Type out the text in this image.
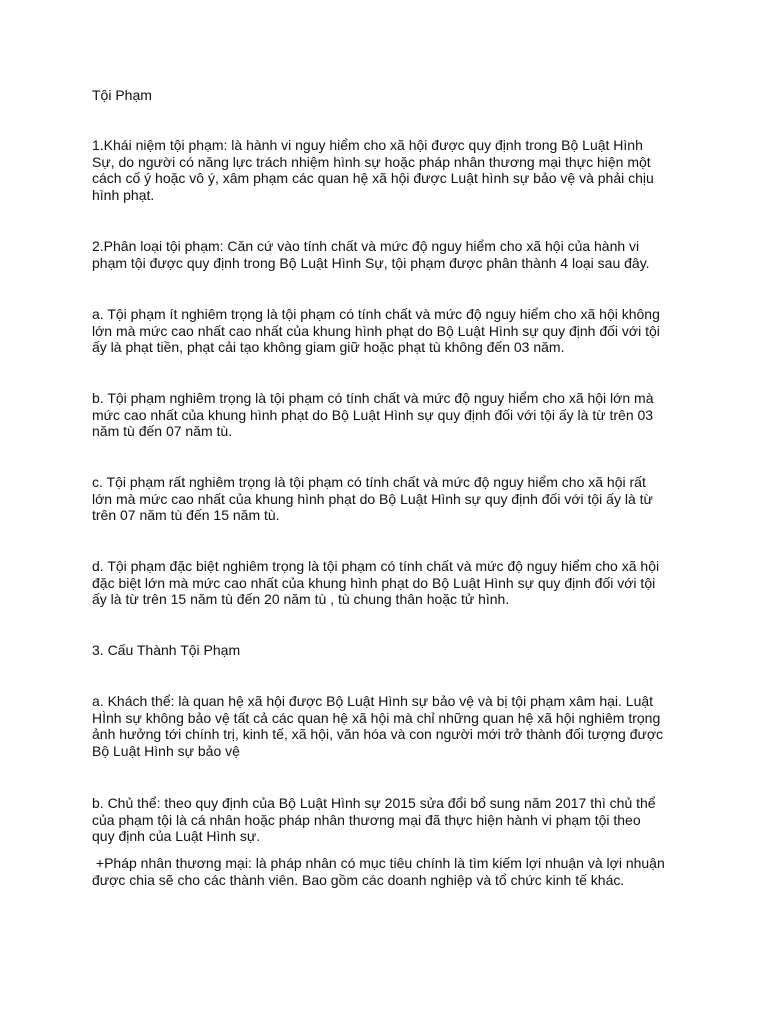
Tội Phạm

1.Khái niệm tội phạm: là hành vi nguy hiểm cho xã hội được quy định trong Bộ Luật Hình
Sự, do người có năng lực trách nhiệm hình sự hoặc pháp nhân thương mại thực hiện một
cách cố ý hoặc vô ý, xâm phạm các quan hệ xã hội được Luật hình sự bảo vệ và phải chịu
hình phạt.

2.Phân loại tội phạm: Căn cứ vào tính chất và mức độ nguy hiểm cho xã hội của hành vi
phạm tội được quy định trong Bộ Luật Hình Sự, tội phạm được phân thành 4 loại sau đây.

a. Tội phạm ít nghiêm trọng là tội phạm có tính chất và mức độ nguy hiểm cho xã hội không
lớn mà mức cao nhất cao nhất của khung hình phạt do Bộ Luật Hình sự quy định đối với tội
ấy là phạt tiền, phạt cải tạo không giam giữ hoặc phạt tù không đến 03 năm.

b. Tội phạm nghiêm trọng là tội phạm có tính chất và mức độ nguy hiểm cho xã hội lớn mà
mức cao nhất của khung hình phạt do Bộ Luật Hình sự quy định đối với tội ấy là từ trên 03
năm tù đến 07 năm tù.

c. Tội phạm rất nghiêm trọng là tội phạm có tính chất và mức độ nguy hiểm cho xã hội rất
lớn mà mức cao nhất của khung hình phạt do Bộ Luật Hình sự quy định đối với tội ấy là từ
trên 07 năm tù đến 15 năm tù.

d. Tội phạm đặc biệt nghiêm trọng là tội phạm có tính chất và mức độ nguy hiểm cho xã hội
đặc biệt lớn mà mức cao nhất của khung hình phạt do Bộ Luật Hình sự quy định đối với tội
ấy là từ trên 15 năm tù đến 20 năm tù , tù chung thân hoặc tử hình.

3. Cấu Thành Tội Phạm

a. Khách thể: là quan hệ xã hội được Bộ Luật Hình sự bảo vệ và bị tội phạm xâm hại. Luật
HÌnh sự không bảo vệ tất cả các quan hệ xã hội mà chỉ những quan hệ xã hội nghiêm trọng
ảnh hưởng tới chính trị, kinh tế, xã hội, văn hóa và con người mới trở thành đối tượng được
Bộ Luật Hình sự bảo vệ

b. Chủ thể: theo quy định của Bộ Luật Hình sự 2015 sửa đổi bổ sung năm 2017 thì chủ thể
của phạm tội là cá nhân hoặc pháp nhân thương mại đã thực hiện hành vi phạm tội theo
quy định của Luật Hình sự.

+Pháp nhân thương mại: là pháp nhân có mục tiêu chính là tìm kiếm lợi nhuận và lợi nhuận
được chia sẽ cho các thành viên. Bao gồm các doanh nghiệp và tổ chức kinh tế khác.
